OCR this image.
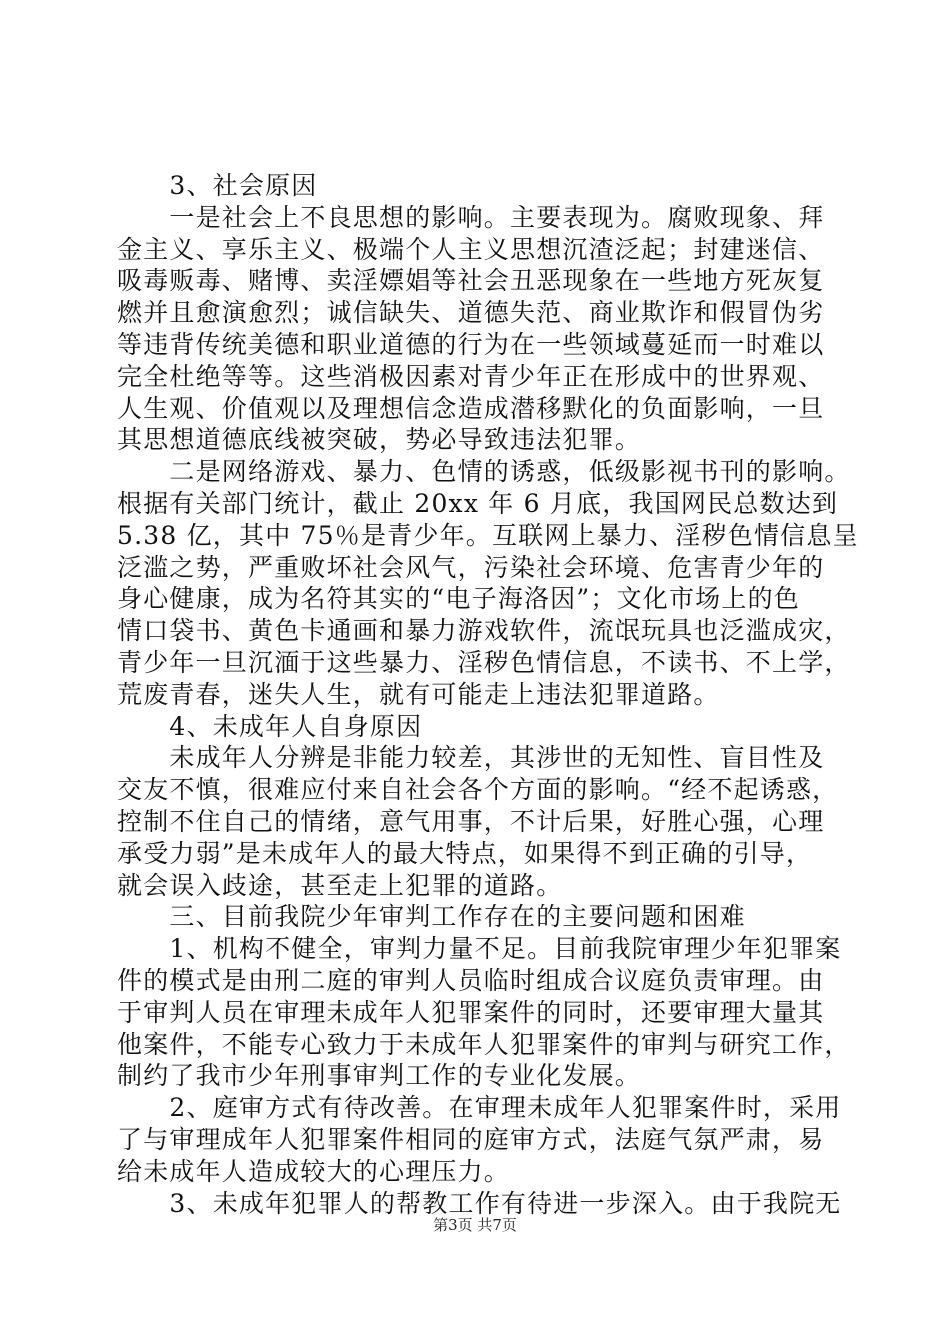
　　3、社会原因
　　一是社会上不良思想的影响。主要表现为。腐败现象、拜
金主义、享乐主义、极端个人主义思想沉渣泛起；封建迷信、
吸毒贩毒、赌博、卖淫嫖娼等社会丑恶现象在一些地方死灰复
燃并且愈演愈烈；诚信缺失、道德失范、商业欺诈和假冒伪劣
等违背传统美德和职业道德的行为在一些领域蔓延而一时难以
完全杜绝等等。这些消极因素对青少年正在形成中的世界观、
人生观、价值观以及理想信念造成潜移默化的负面影响，一旦
其思想道德底线被突破，势必导致违法犯罪。
　　二是网络游戏、暴力、色情的诱惑，低级影视书刊的影响。
根据有关部门统计，截止 20xx 年 6 月底，我国网民总数达到
5.38 亿，其中 75％是青少年。互联网上暴力、淫秽色情信息呈
泛滥之势，严重败坏社会风气，污染社会环境、危害青少年的
身心健康，成为名符其实的“电子海洛因”；文化市场上的色
情口袋书、黄色卡通画和暴力游戏软件，流氓玩具也泛滥成灾，
青少年一旦沉湎于这些暴力、淫秽色情信息，不读书、不上学，
荒废青春，迷失人生，就有可能走上违法犯罪道路。
　　4、未成年人自身原因
　　未成年人分辨是非能力较差，其涉世的无知性、盲目性及
交友不慎，很难应付来自社会各个方面的影响。“经不起诱惑，
控制不住自己的情绪，意气用事，不计后果，好胜心强，心理
承受力弱”是未成年人的最大特点，如果得不到正确的引导，
就会误入歧途，甚至走上犯罪的道路。
　　三、目前我院少年审判工作存在的主要问题和困难
　　1、机构不健全，审判力量不足。目前我院审理少年犯罪案
件的模式是由刑二庭的审判人员临时组成合议庭负责审理。由
于审判人员在审理未成年人犯罪案件的同时，还要审理大量其
他案件，不能专心致力于未成年人犯罪案件的审判与研究工作，
制约了我市少年刑事审判工作的专业化发展。
　　2、庭审方式有待改善。在审理未成年人犯罪案件时，采用
了与审理成年人犯罪案件相同的庭审方式，法庭气氛严肃，易
给未成年人造成较大的心理压力。
　　3、未成年犯罪人的帮教工作有待进一步深入。由于我院无
第3页 共7页
